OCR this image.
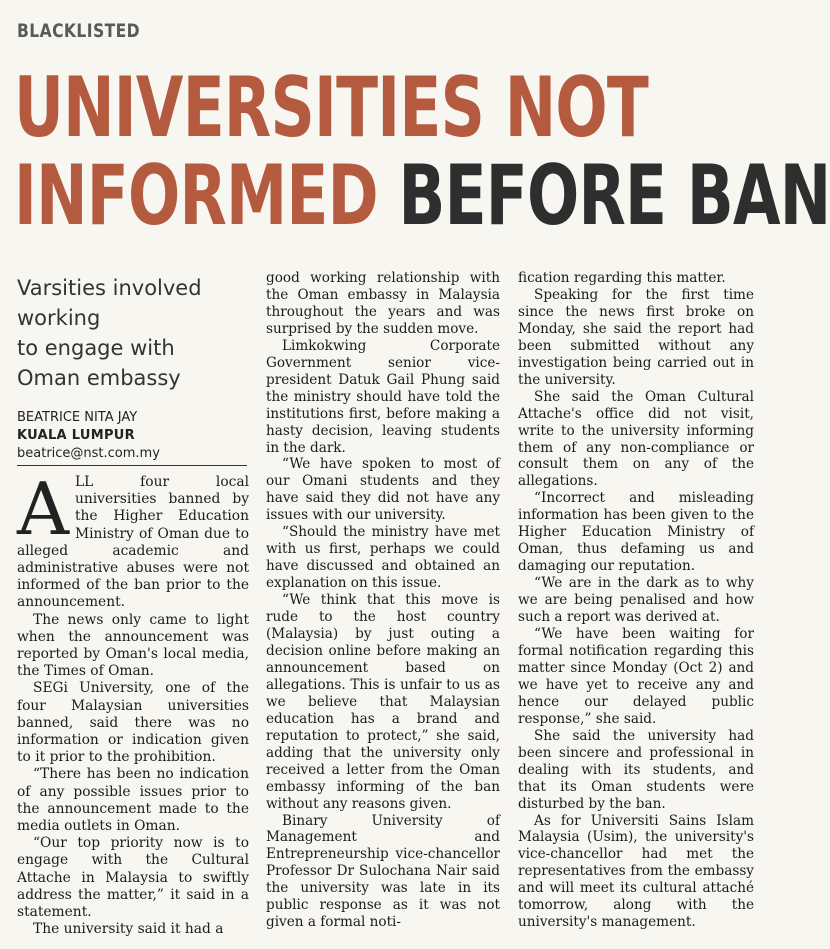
BLACKLISTED
UNIVERSITIES NOT
INFORMED BEFORE BAN
Varsities involved
working
to engage with
Oman embassy
BEATRICE NITA JAY
KUALA LUMPUR
beatrice@nst.com.my

ALL four local universities banned by the Higher Education Ministry of Oman due to alleged academic and administrative abuses were not informed of the ban prior to the announcement.

The news only came to light when the announcement was reported by Oman's local media, the Times of Oman.

SEGi University, one of the four Malaysian universities banned, said there was no information or indication given to it prior to the prohibition.

“There has been no indication of any possible issues prior to the announcement made to the media outlets in Oman.

“Our top priority now is to engage with the Cultural Attache in Malaysia to swiftly address the matter,” it said in a statement.

The university said it had a

good working relationship with the Oman embassy in Malaysia throughout the years and was surprised by the sudden move.

Limkokwing Corporate Government senior vice-president Datuk Gail Phung said the ministry should have told the institutions first, before making a hasty decision, leaving students in the dark.

“We have spoken to most of our Omani students and they have said they did not have any issues with our university.

“Should the ministry have met with us first, perhaps we could have discussed and obtained an explanation on this issue.

“We think that this move is rude to the host country (Malaysia) by just outing a decision online before making an announcement based on allegations. This is unfair to us as we believe that Malaysian education has a brand and reputation to protect,” she said, adding that the university only received a letter from the Oman embassy informing of the ban without any reasons given.

Binary University of Management and Entrepreneurship vice-chancellor Professor Dr Sulochana Nair said the university was late in its public response as it was not given a formal noti-

fication regarding this matter.

Speaking for the first time since the news first broke on Monday, she said the report had been submitted without any investigation being carried out in the university.

She said the Oman Cultural Attache's office did not visit, write to the university informing them of any non-compliance or consult them on any of the allegations.

“Incorrect and misleading information has been given to the Higher Education Ministry of Oman, thus defaming us and damaging our reputation.

“We are in the dark as to why we are being penalised and how such a report was derived at.

“We have been waiting for formal notification regarding this matter since Monday (Oct 2) and we have yet to receive any and hence our delayed public response,” she said.

She said the university had been sincere and professional in dealing with its students, and that its Oman students were disturbed by the ban.

As for Universiti Sains Islam Malaysia (Usim), the university's vice-chancellor had met the representatives from the embassy and will meet its cultural attaché tomorrow, along with the university's management.
